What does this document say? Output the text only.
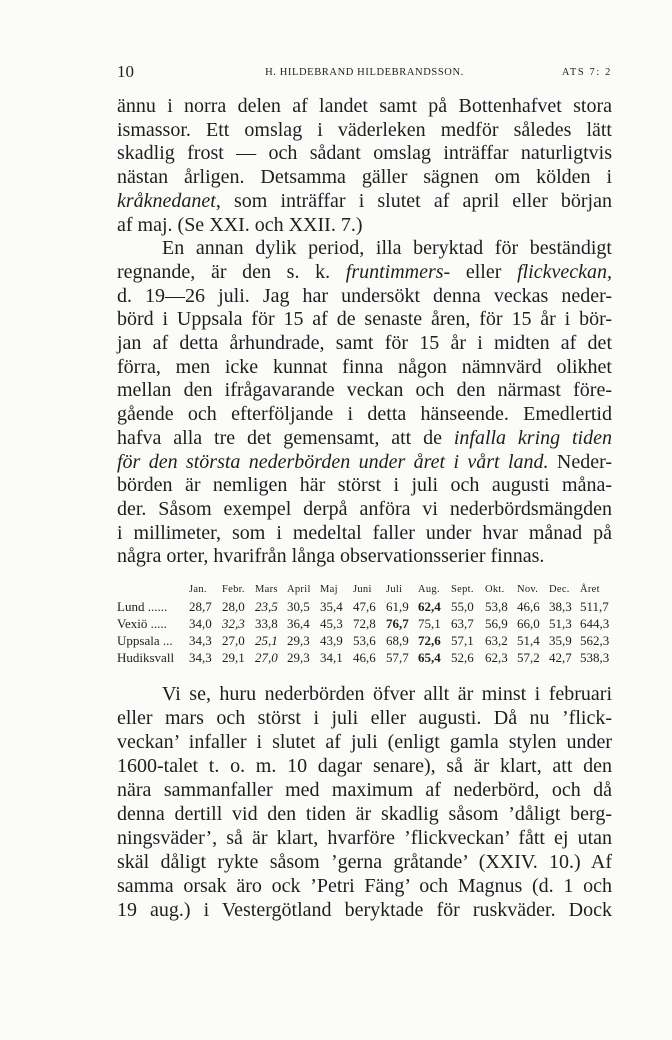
10	H. HILDEBRAND HILDEBRANDSSON.	ATS 7: 2
ännu i norra delen af landet samt på Bottenhafvet stora
ismassor. Ett omslag i väderleken medför således lätt
skadlig frost — och sådant omslag inträffar naturligtvis
nästan årligen. Detsamma gäller sägnen om kölden i
kråknedanet, som inträffar i slutet af april eller början
af maj. (Se XXI. och XXII. 7.)
En annan dylik period, illa beryktad för beständigt
regnande, är den s. k. fruntimmers- eller flickveckan,
d. 19—26 juli. Jag har undersökt denna veckas neder-
börd i Uppsala för 15 af de senaste åren, för 15 år i bör-
jan af detta århundrade, samt för 15 år i midten af det
förra, men icke kunnat finna någon nämnvärd olikhet
mellan den ifrågavarande veckan och den närmast före-
gående och efterföljande i detta hänseende. Emedlertid
hafva alla tre det gemensamt, att de infalla kring tiden
för den största nederbörden under året i vårt land. Neder-
börden är nemligen här störst i juli och augusti måna-
der. Såsom exempel derpå anföra vi nederbördsmängden
i millimeter, som i medeltal faller under hvar månad på
några orter, hvarifrån långa observationsserier finnas.
	Jan.	Febr.	Mars	April	Maj	Juni	Juli	Aug.	Sept.	Okt.	Nov.	Dec.	Året
Lund ......	28,7	28,0	23,5	30,5	35,4	47,6	61,9	62,4	55,0	53,8	46,6	38,3	511,7
Vexiö .....	34,0	32,3	33,8	36,4	45,3	72,8	76,7	75,1	63,7	56,9	66,0	51,3	644,3
Uppsala ...	34,3	27,0	25,1	29,3	43,9	53,6	68,9	72,6	57,1	63,2	51,4	35,9	562,3
Hudiksvall	34,3	29,1	27,0	29,3	34,1	46,6	57,7	65,4	52,6	62,3	57,2	42,7	538,3
Vi se, huru nederbörden öfver allt är minst i februari
eller mars och störst i juli eller augusti. Då nu ’flick-
veckan’ infaller i slutet af juli (enligt gamla stylen under
1600-talet t. o. m. 10 dagar senare), så är klart, att den
nära sammanfaller med maximum af nederbörd, och då
denna dertill vid den tiden är skadlig såsom ’dåligt berg-
ningsväder’, så är klart, hvarföre ’flickveckan’ fått ej utan
skäl dåligt rykte såsom ’gerna gråtande’ (XXIV. 10.) Af
samma orsak äro ock ’Petri Fäng’ och Magnus (d. 1 och
19 aug.) i Vestergötland beryktade för ruskväder. Dock
